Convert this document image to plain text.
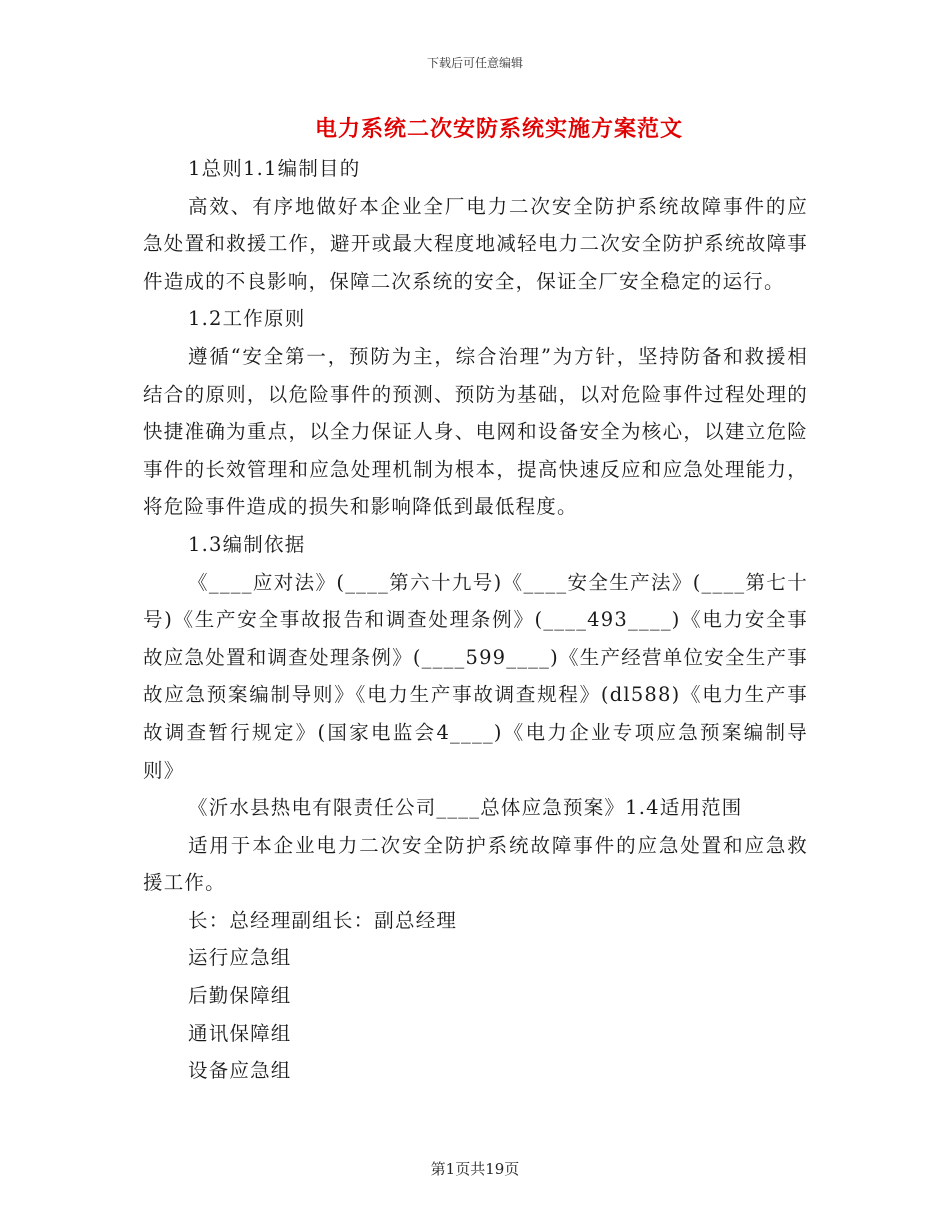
下载后可任意编辑
电力系统二次安防系统实施方案范文

1总则1.1编制目的

高效、有序地做好本企业全厂电力二次安全防护系统故障事件的应急处置和救援工作，避开或最大程度地减轻电力二次安全防护系统故障事件造成的不良影响，保障二次系统的安全，保证全厂安全稳定的运行。

1.2工作原则

遵循“安全第一，预防为主，综合治理”为方针，坚持防备和救援相结合的原则，以危险事件的预测、预防为基础，以对危险事件过程处理的快捷准确为重点，以全力保证人身、电网和设备安全为核心，以建立危险事件的长效管理和应急处理机制为根本，提高快速反应和应急处理能力，将危险事件造成的损失和影响降低到最低程度。

1.3编制依据

《____应对法》(____第六十九号)《____安全生产法》(____第七十号)《生产安全事故报告和调查处理条例》(____493____)《电力安全事故应急处置和调查处理条例》(____599____)《生产经营单位安全生产事故应急预案编制导则》《电力生产事故调查规程》(dl588)《电力生产事故调查暂行规定》(国家电监会4____)《电力企业专项应急预案编制导则》

《沂水县热电有限责任公司____总体应急预案》1.4适用范围

适用于本企业电力二次安全防护系统故障事件的应急处置和应急救援工作。

长：总经理副组长：副总经理

运行应急组

后勤保障组

通讯保障组

设备应急组

第1页共19页
